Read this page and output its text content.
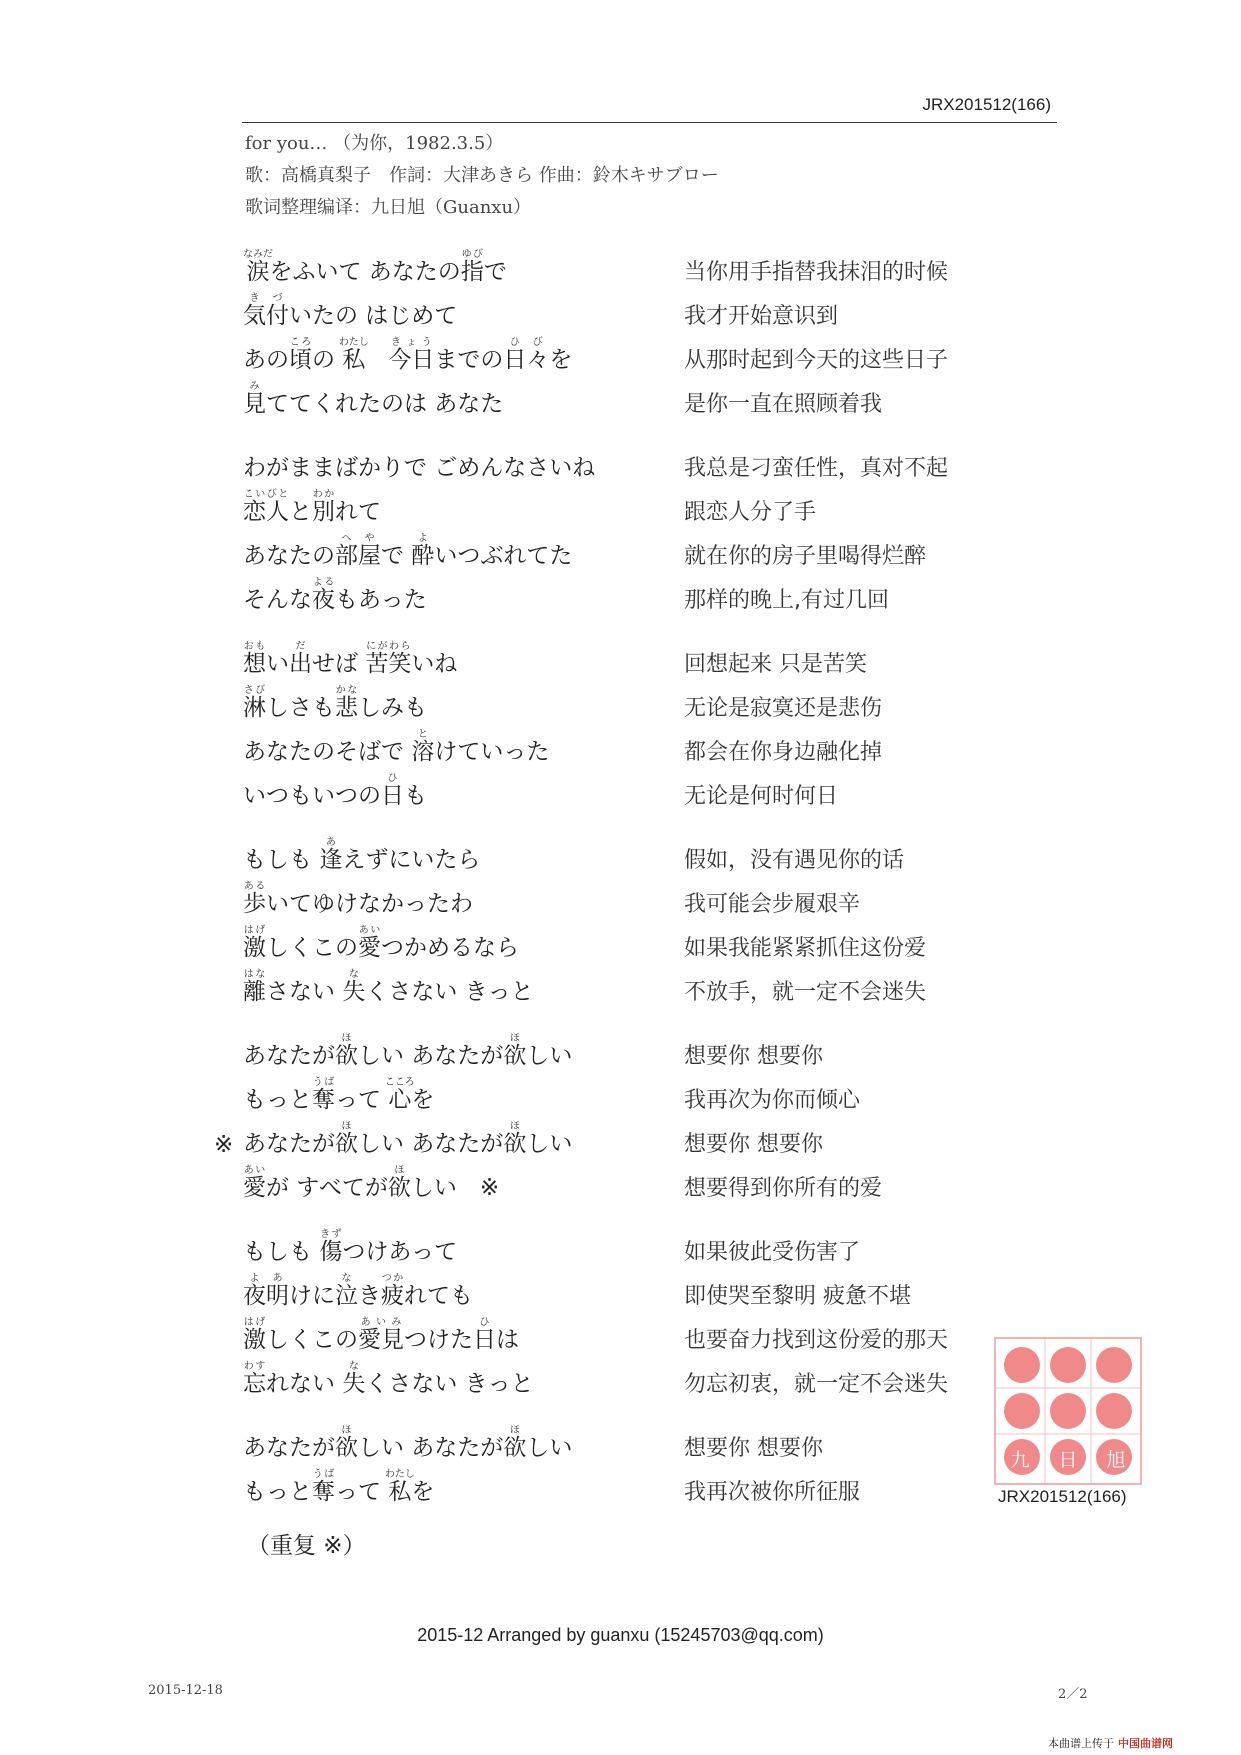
JRX201512(166)
for you… （为你，1982.3.5）
歌：高橋真梨子　作詞：大津あきら 作曲：鈴木キサブロー
歌词整理编译：九日旭（Guanxu）
涙なみだをふいて あなたの指ゆびで	当你用手指替我抹泪的时候
気付きづいたの はじめて	我才开始意识到
あの頃ころの 私わたし　今日きょうまでの日々ひびを	从那时起到今天的这些日子
見みててくれたのは あなた	是你一直在照顾着我
わがままばかりで ごめんなさいね	我总是刁蛮任性，真对不起
恋人こいびとと別わかれて	跟恋人分了手
あなたの部屋へやで 酔よいつぶれてた	就在你的房子里喝得烂醉
そんな夜よるもあった	那样的晚上,有过几回
想おもい出だせば 苦笑にがわらいね	回想起来 只是苦笑
淋さびしさも悲かなしみも	无论是寂寞还是悲伤
あなたのそばで 溶とけていった	都会在你身边融化掉
いつもいつの日ひも	无论是何时何日
もしも 逢あえずにいたら	假如，没有遇见你的话
歩あるいてゆけなかったわ	我可能会步履艰辛
激はげしくこの愛あいつかめるなら	如果我能紧紧抓住这份爱
離はなさない 失なくさない きっと	不放手，就一定不会迷失
あなたが欲ほしい あなたが欲ほしい	想要你 想要你
もっと奪うばって 心こころを	我再次为你而倾心
※ あなたが欲ほしい あなたが欲ほしい	想要你 想要你
愛あいが すべてが欲ほしい　※	想要得到你所有的爱
もしも 傷きずつけあって	如果彼此受伤害了
夜明よあけに泣なき疲つかれても	即使哭至黎明 疲惫不堪
激はげしくこの愛見あいみつけた日ひは	也要奋力找到这份爱的那天
忘わすれない 失なくさない きっと	勿忘初衷，就一定不会迷失
あなたが欲ほしい あなたが欲ほしい	想要你 想要你
もっと奪うばって 私わたしを	我再次被你所征服
（重复 ※）
九 日 旭
JRX201512(166)
2015-12 Arranged by guanxu (15245703@qq.com)
2015-12-18	2／2
本曲谱上传于 中国曲谱网
